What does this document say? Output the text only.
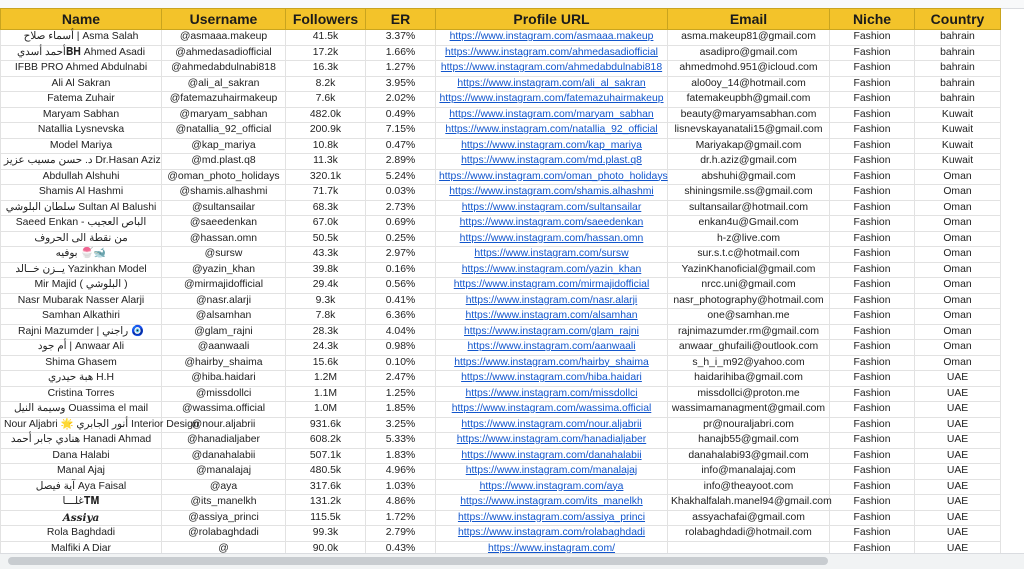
Name	Username	Followers	ER	Profile URL	Email	Niche	Country
أسماء صلاح | Asma Salah	@asmaaa.makeup	41.5k	3.37%	https://www.instagram.com/asmaaa.makeup	asma.makeup81@gmail.com	Fashion	bahrain
أحمد أسدي𝐁𝐇 Ahmed Asadi	@ahmedasadiofficial	17.2k	1.66%	https://www.instagram.com/ahmedasadiofficial	asadipro@gmail.com	Fashion	bahrain
IFBB PRO Ahmed Abdulnabi	@ahmedabdulnabi818	16.3k	1.27%	https://www.instagram.com/ahmedabdulnabi818	ahmedmohd.951@icloud.com	Fashion	bahrain
Ali Al Sakran	@ali_al_sakran	8.2k	3.95%	https://www.instagram.com/ali_al_sakran	alo0oy_14@hotmail.com	Fashion	bahrain
Fatema Zuhair	@fatemazuhairmakeup	7.6k	2.02%	https://www.instagram.com/fatemazuhairmakeup	fatemakeupbh@gmail.com	Fashion	bahrain
Maryam Sabhan	@maryam_sabhan	482.0k	0.49%	https://www.instagram.com/maryam_sabhan	beauty@maryamsabhan.com	Fashion	Kuwait
Natallia Lysnevska	@natallia_92_official	200.9k	7.15%	https://www.instagram.com/natallia_92_official	lisnevskayanatali15@gmail.com	Fashion	Kuwait
Model Mariya	@kap_mariya	10.8k	0.47%	https://www.instagram.com/kap_mariya	Mariyakap@gmail.com	Fashion	Kuwait
د. حسن مسيب عزيز Dr.Hasan Aziz	@md.plast.q8	11.3k	2.89%	https://www.instagram.com/md.plast.q8	dr.h.aziz@gmail.com	Fashion	Kuwait
Abdullah Alshuhi	@oman_photo_holidays	320.1k	5.24%	https://www.instagram.com/oman_photo_holidays	abshuhi@gmail.com	Fashion	Oman
Shamis Al Hashmi	@shamis.alhashmi	71.7k	0.03%	https://www.instagram.com/shamis.alhashmi	shiningsmile.ss@gmail.com	Fashion	Oman
سلطان البلوشي Sultan Al Balushi	@sultansailar	68.3k	2.73%	https://www.instagram.com/sultansailar	sultansailar@hotmail.com	Fashion	Oman
Saeed Enkan - الباص العجيب	@saeedenkan	67.0k	0.69%	https://www.instagram.com/saeedenkan	enkan4u@Gmail.com	Fashion	Oman
من نقطة الى الحروف	@hassan.omn	50.5k	0.25%	https://www.instagram.com/hassan.omn	h-z@live.com	Fashion	Oman
بوفيه 🍧🐋	@sursw	43.3k	2.97%	https://www.instagram.com/sursw	sur.s.t.c@hotmail.com	Fashion	Oman
يــزن خــالد Yazinkhan Model	@yazin_khan	39.8k	0.16%	https://www.instagram.com/yazin_khan	YazinKhanoficial@gmail.com	Fashion	Oman
Mir Majid ( البلوشي )	@mirmajidofficial	29.4k	0.56%	https://www.instagram.com/mirmajidofficial	nrcc.uni@gmail.com	Fashion	Oman
Nasr Mubarak Nasser Alarji	@nasr.alarji	9.3k	0.41%	https://www.instagram.com/nasr.alarji	nasr_photography@hotmail.com	Fashion	Oman
Samhan Alkathiri	@alsamhan	7.8k	6.36%	https://www.instagram.com/alsamhan	one@samhan.me	Fashion	Oman
Rajni Mazumder | راجني 🧿	@glam_rajni	28.3k	4.04%	https://www.instagram.com/glam_rajni	rajnimazumder.rm@gmail.com	Fashion	Oman
أم جود | Anwaar Ali	@aanwaali	24.3k	0.98%	https://www.instagram.com/aanwaali	anwaar_ghufaili@outlook.com	Fashion	Oman
Shima Ghasem	@hairby_shaima	15.6k	0.10%	https://www.instagram.com/hairby_shaima	s_h_i_m92@yahoo.com	Fashion	Oman
هبة حيدري H.H	@hiba.haidari	1.2M	2.47%	https://www.instagram.com/hiba.haidari	haidarihiba@gmail.com	Fashion	UAE
Cristina Torres	@missdollci	1.1M	1.25%	https://www.instagram.com/missdollci	missdollci@proton.me	Fashion	UAE
وسيمة النيل Ouassima el mail	@wassima.official	1.0M	1.85%	https://www.instagram.com/wassima.official	wassimamanagment@gmail.com	Fashion	UAE
Nour Aljabri 🌟 أنور الجابري Interior Design	@nour.aljabrii	931.6k	3.25%	https://www.instagram.com/nour.aljabrii	pr@nouraljabri.com	Fashion	UAE
هنادي جابر أحمد Hanadi Ahmad	@hanadialjaber	608.2k	5.33%	https://www.instagram.com/hanadialjaber	hanajb55@gmail.com	Fashion	UAE
Dana Halabi	@danahalabii	507.1k	1.83%	https://www.instagram.com/danahalabii	danahalabi93@gmail.com	Fashion	UAE
Manal Ajaj	@manalajaj	480.5k	4.96%	https://www.instagram.com/manalajaj	info@manalajaj.com	Fashion	UAE
آية فيصل Aya Faisal	@aya	317.6k	1.03%	https://www.instagram.com/aya	info@theayoot.com	Fashion	UAE
غلـــا𝐓𝐌	@its_manelkh	131.2k	4.86%	https://www.instagram.com/its_manelkh	Khakhalfalah.manel94@gmail.com	Fashion	UAE
Assiya	@assiya_princi	115.5k	1.72%	https://www.instagram.com/assiya_princi	assyachafai@gmail.com	Fashion	UAE
Rola Baghdadi	@rolabaghdadi	99.3k	2.79%	https://www.instagram.com/rolabaghdadi	rolabaghdadi@hotmail.com	Fashion	UAE
Malfiki A Diar	@	90.0k	0.43%	https://www.instagram.com/		Fashion	UAE
